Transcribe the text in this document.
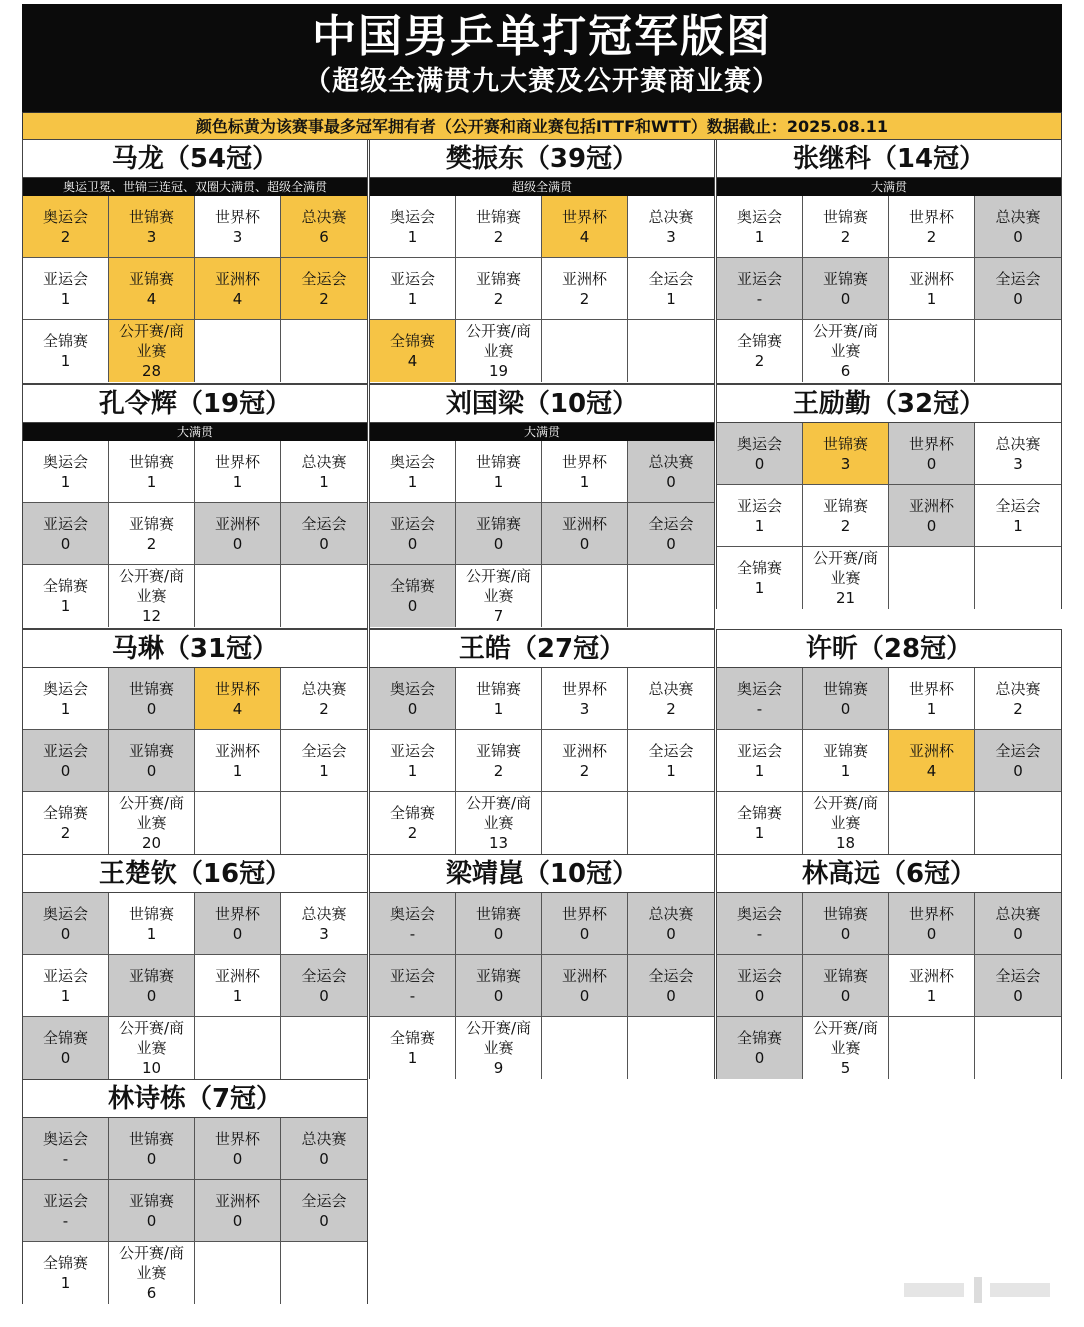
中国男乒单打冠军版图
（超级全满贯九大赛及公开赛商业赛）
颜色标黄为该赛事最多冠军拥有者（公开赛和商业赛包括ITTF和WTT）数据截止：2025.08.11
马龙（54冠）
奥运卫冕、世锦三连冠、双圈大满贯、超级全满贯
奥运会
2
世锦赛
3
世界杯
3
总决赛
6
亚运会
1
亚锦赛
4
亚洲杯
4
全运会
2
全锦赛
1
公开赛/商业赛
28
樊振东（39冠）
超级全满贯
奥运会
1
世锦赛
2
世界杯
4
总决赛
3
亚运会
1
亚锦赛
2
亚洲杯
2
全运会
1
全锦赛
4
公开赛/商业赛
19
张继科（14冠）
大满贯
奥运会
1
世锦赛
2
世界杯
2
总决赛
0
亚运会
-
亚锦赛
0
亚洲杯
1
全运会
0
全锦赛
2
公开赛/商业赛
6
孔令辉（19冠）
大满贯
奥运会
1
世锦赛
1
世界杯
1
总决赛
1
亚运会
0
亚锦赛
2
亚洲杯
0
全运会
0
全锦赛
1
公开赛/商业赛
12
刘国梁（10冠）
大满贯
奥运会
1
世锦赛
1
世界杯
1
总决赛
0
亚运会
0
亚锦赛
0
亚洲杯
0
全运会
0
全锦赛
0
公开赛/商业赛
7
王励勤（32冠）
奥运会
0
世锦赛
3
世界杯
0
总决赛
3
亚运会
1
亚锦赛
2
亚洲杯
0
全运会
1
全锦赛
1
公开赛/商业赛
21
马琳（31冠）
奥运会
1
世锦赛
0
世界杯
4
总决赛
2
亚运会
0
亚锦赛
0
亚洲杯
1
全运会
1
全锦赛
2
公开赛/商业赛
20
王皓（27冠）
奥运会
0
世锦赛
1
世界杯
3
总决赛
2
亚运会
1
亚锦赛
2
亚洲杯
2
全运会
1
全锦赛
2
公开赛/商业赛
13
许昕（28冠）
奥运会
-
世锦赛
0
世界杯
1
总决赛
2
亚运会
1
亚锦赛
1
亚洲杯
4
全运会
0
全锦赛
1
公开赛/商业赛
18
王楚钦（16冠）
奥运会
0
世锦赛
1
世界杯
0
总决赛
3
亚运会
1
亚锦赛
0
亚洲杯
1
全运会
0
全锦赛
0
公开赛/商业赛
10
梁靖崑（10冠）
奥运会
-
世锦赛
0
世界杯
0
总决赛
0
亚运会
-
亚锦赛
0
亚洲杯
0
全运会
0
全锦赛
1
公开赛/商业赛
9
林高远（6冠）
奥运会
-
世锦赛
0
世界杯
0
总决赛
0
亚运会
0
亚锦赛
0
亚洲杯
1
全运会
0
全锦赛
0
公开赛/商业赛
5
林诗栋（7冠）
奥运会
-
世锦赛
0
世界杯
0
总决赛
0
亚运会
-
亚锦赛
0
亚洲杯
0
全运会
0
全锦赛
1
公开赛/商业赛
6
